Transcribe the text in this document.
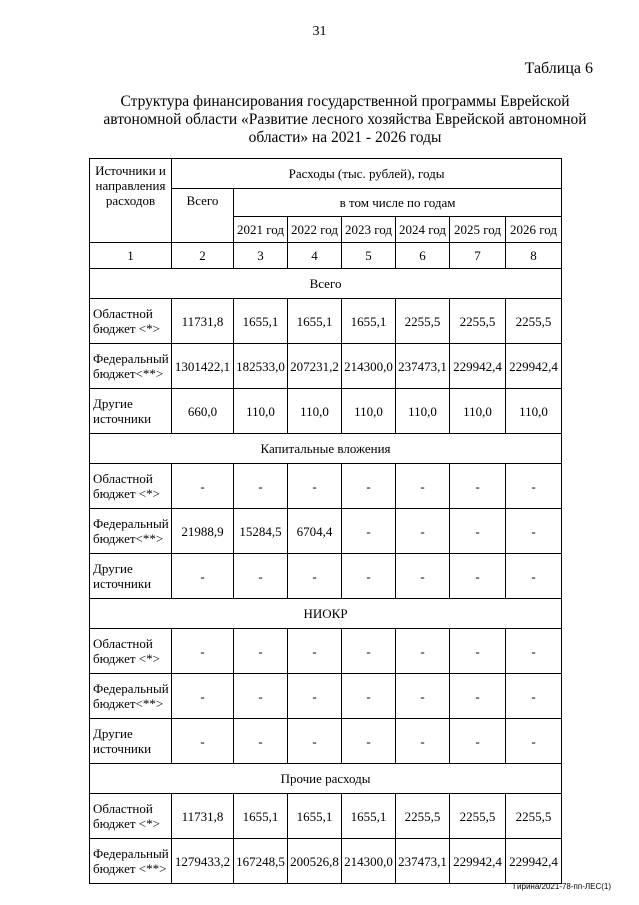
31
Таблица 6
Структура финансирования государственной программы Еврейской автономной области «Развитие лесного хозяйства Еврейской автономной области» на 2021 - 2026 годы
Источники и направления расходов	Расходы (тыс. рублей), годы						
	Всего	в том числе по годам					
		2021 год	2022 год	2023 год	2024 год	2025 год	2026 год
1	2	3	4	5	6	7	8
Всего							
Областной бюджет <*>	11731,8	1655,1	1655,1	1655,1	2255,5	2255,5	2255,5
Федеральный бюджет<**>	1301422,1	182533,0	207231,2	214300,0	237473,1	229942,4	229942,4
Другие источники	660,0	110,0	110,0	110,0	110,0	110,0	110,0
Капитальные вложения							
Областной бюджет <*>	-	-	-	-	-	-	-
Федеральный бюджет<**>	21988,9	15284,5	6704,4	-	-	-	-
Другие источники	-	-	-	-	-	-	-
НИОКР							
Областной бюджет <*>	-	-	-	-	-	-	-
Федеральный бюджет<**>	-	-	-	-	-	-	-
Другие источники	-	-	-	-	-	-	-
Прочие расходы							
Областной бюджет <*>	11731,8	1655,1	1655,1	1655,1	2255,5	2255,5	2255,5
Федеральный бюджет <**>	1279433,2	167248,5	200526,8	214300,0	237473,1	229942,4	229942,4
Гирина/2021-78-пп-ЛЕС(1)
